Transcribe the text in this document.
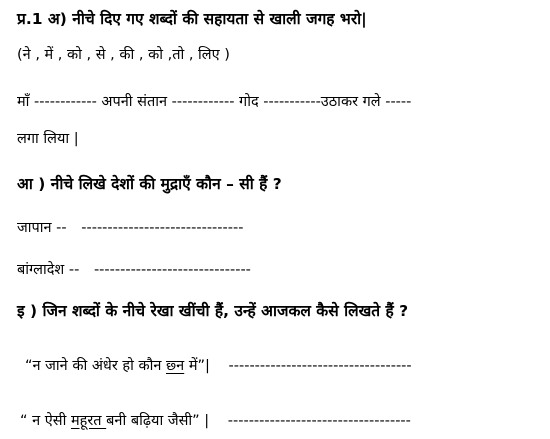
प्र.1 अ) नीचे दिए गए शब्दों की सहायता से खाली जगह भरो|
(ने , में , को , से , की , को ,तो , लिए )
माँ ------------ अपनी संतान ------------ गोद -----------उठाकर गले -----
लगा लिया |
आ ) नीचे लिखे देशों की मुद्राएँ कौन – सी हैं ?
जापान -- -------------------------------
बांग्लादेश -- ------------------------------
इ ) जिन शब्दों के नीचे रेखा खींची हैं, उन्हें आजकल कैसे लिखते हैं ?
“न जाने की अंधेर हो कौन छ्न में”| -----------------------------------
“ न ऐसी महूरत बनी बढ़िया जैसी” | -----------------------------------
